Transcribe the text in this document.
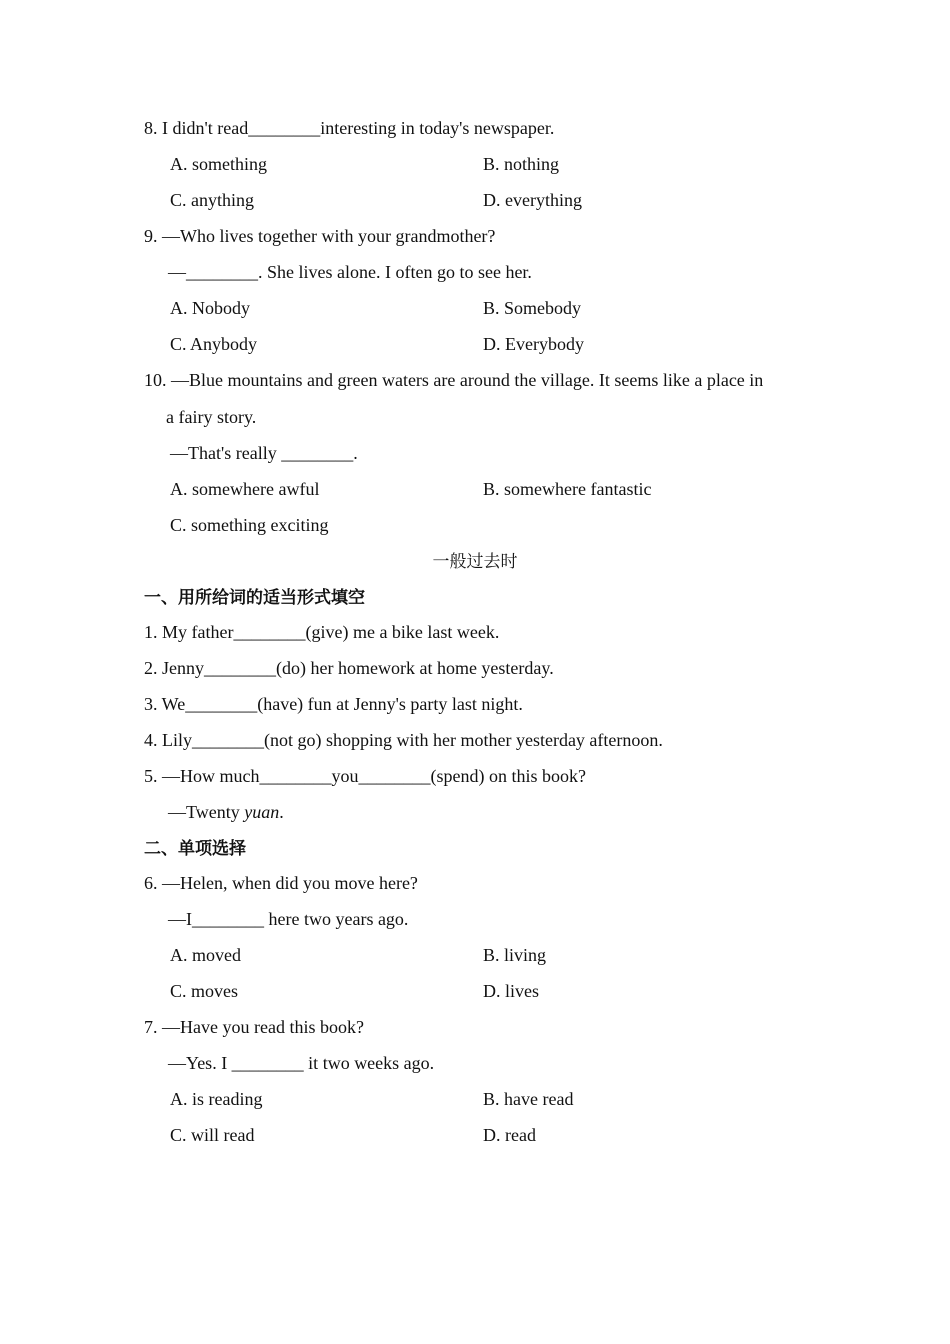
8. I didn't read________interesting in today's newspaper.
A. something	B. nothing
C. anything	D. everything
9. —Who lives together with your grandmother?
—________. She lives alone. I often go to see her.
A. Nobody	B. Somebody
C. Anybody	D. Everybody
10. —Blue mountains and green waters are around the village. It seems like a place in
a fairy story.
—That's really ________.
A. somewhere awful	B. somewhere fantastic
C. something exciting
一般过去时
一、用所给词的适当形式填空
1. My father________(give) me a bike last week.
2. Jenny________(do) her homework at home yesterday.
3. We________(have) fun at Jenny's party last night.
4. Lily________(not go) shopping with her mother yesterday afternoon.
5. —How much________you________(spend) on this book?
—Twenty yuan.
二、单项选择
6. —Helen, when did you move here?
—I________ here two years ago.
A. moved	B. living
C. moves	D. lives
7. —Have you read this book?
—Yes. I ________ it two weeks ago.
A. is reading	B. have read
C. will read	D. read
